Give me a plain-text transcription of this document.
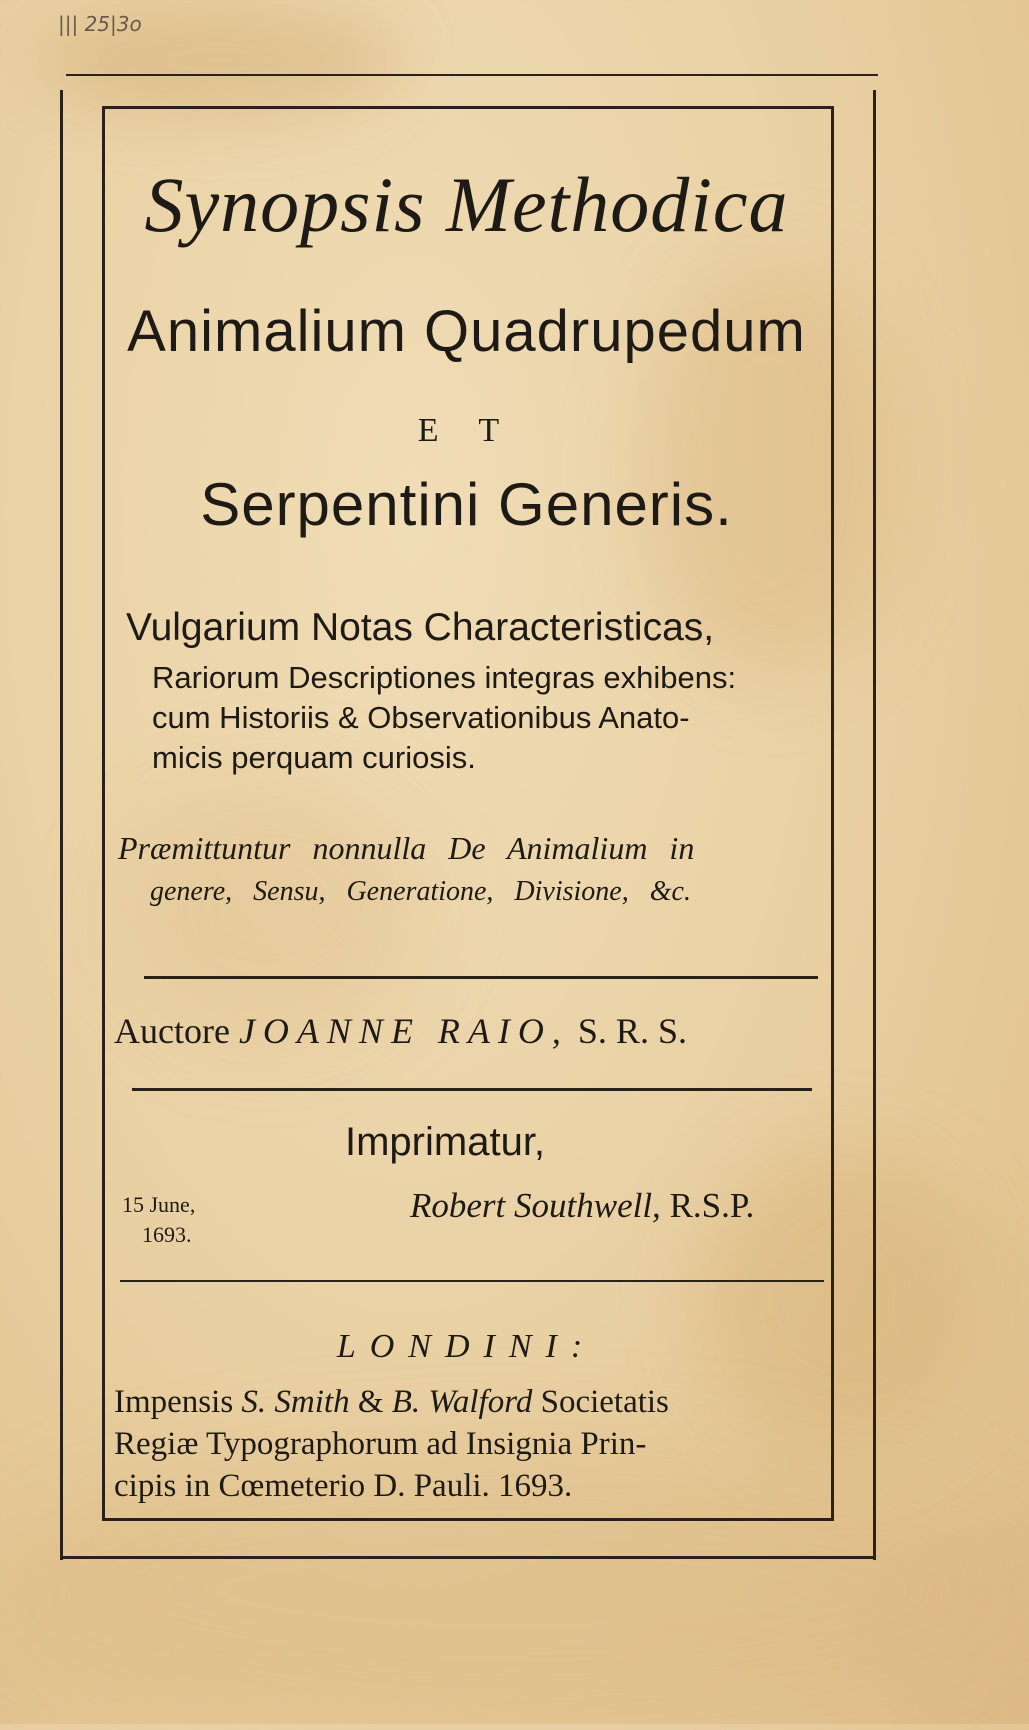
||| 25|3o
Synopsis Methodica
Animalium Quadrupedum
E T
Serpentini Generis.
Vulgarium Notas Characteristicas,
Rariorum Descriptiones integras exhibens:
cum Historiis & Observationibus Anato-
micis perquam curiosis.
Præmittuntur nonnulla De Animalium in
genere, Sensu, Generatione, Divisione, &c.
Auctore JOANNE RAIO, S. R. S.
Imprimatur,
15 June,
1693.
Robert Southwell, R.S.P.
LONDINI:
Impensis S. Smith & B. Walford Societatis
Regiæ Typographorum ad Insignia Prin-
cipis in Cœmeterio D. Pauli. 1693.
